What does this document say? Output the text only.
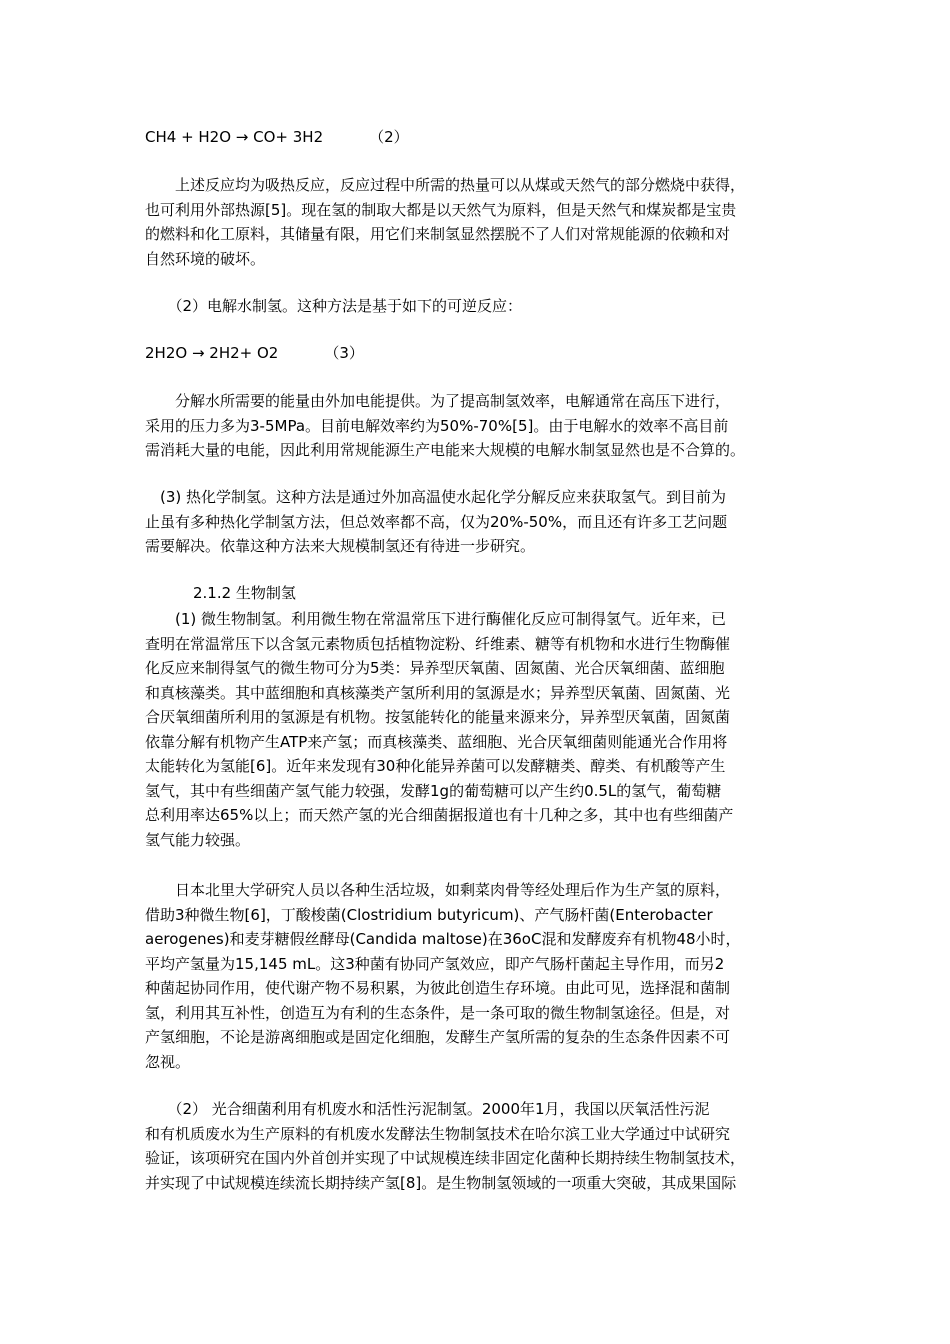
CH4 + H2O → CO+ 3H2	（2）
　　上述反应均为吸热反应，反应过程中所需的热量可以从煤或天然气的部分燃烧中获得，
也可利用外部热源[5]。现在氢的制取大都是以天然气为原料，但是天然气和煤炭都是宝贵
的燃料和化工原料，其储量有限，用它们来制氢显然摆脱不了人们对常规能源的依赖和对
自然环境的破坏。
　　（2）电解水制氢。这种方法是基于如下的可逆反应：
2H2O → 2H2+ O2	（3）
　　分解水所需要的能量由外加电能提供。为了提高制氢效率，电解通常在高压下进行，
采用的压力多为3-5MPa。目前电解效率约为50%-70%[5]。由于电解水的效率不高目前
需消耗大量的电能，因此利用常规能源生产电能来大规模的电解水制氢显然也是不合算的。
　(3) 热化学制氢。这种方法是通过外加高温使水起化学分解反应来获取氢气。到目前为
止虽有多种热化学制氢方法，但总效率都不高，仅为20%-50%，而且还有许多工艺问题
需要解决。依靠这种方法来大规模制氢还有待进一步研究。
2.1.2 生物制氢
　　(1) 微生物制氢。利用微生物在常温常压下进行酶催化反应可制得氢气。近年来，已
查明在常温常压下以含氢元素物质包括植物淀粉、纤维素、糖等有机物和水进行生物酶催
化反应来制得氢气的微生物可分为5类：异养型厌氧菌、固氮菌、光合厌氧细菌、蓝细胞
和真核藻类。其中蓝细胞和真核藻类产氢所利用的氢源是水；异养型厌氧菌、固氮菌、光
合厌氧细菌所利用的氢源是有机物。按氢能转化的能量来源来分，异养型厌氧菌，固氮菌
依靠分解有机物产生ATP来产氢；而真核藻类、蓝细胞、光合厌氧细菌则能通光合作用将
太能转化为氢能[6]。近年来发现有30种化能异养菌可以发酵糖类、醇类、有机酸等产生
氢气，其中有些细菌产氢气能力较强，发酵1g的葡萄糖可以产生约0.5L的氢气，葡萄糖
总利用率达65%以上；而天然产氢的光合细菌据报道也有十几种之多，其中也有些细菌产
氢气能力较强。
　　日本北里大学研究人员以各种生活垃圾，如剩菜肉骨等经处理后作为生产氢的原料，
借助3种微生物[6]，丁酸梭菌(Clostridium butyricum)、产气肠杆菌(Enterobacter
aerogenes)和麦芽糖假丝酵母(Candida maltose)在36oC混和发酵废弃有机物48小时，
平均产氢量为15,145 mL。这3种菌有协同产氢效应，即产气肠杆菌起主导作用，而另2
种菌起协同作用，使代谢产物不易积累，为彼此创造生存环境。由此可见，选择混和菌制
氢，利用其互补性，创造互为有利的生态条件，是一条可取的微生物制氢途径。但是，对
产氢细胞，不论是游离细胞或是固定化细胞，发酵生产氢所需的复杂的生态条件因素不可
忽视。
　　（2） 光合细菌利用有机废水和活性污泥制氢。2000年1月，我国以厌氧活性污泥
和有机质废水为生产原料的有机废水发酵法生物制氢技术在哈尔滨工业大学通过中试研究
验证，该项研究在国内外首创并实现了中试规模连续非固定化菌种长期持续生物制氢技术，
并实现了中试规模连续流长期持续产氢[8]。是生物制氢领域的一项重大突破，其成果国际
